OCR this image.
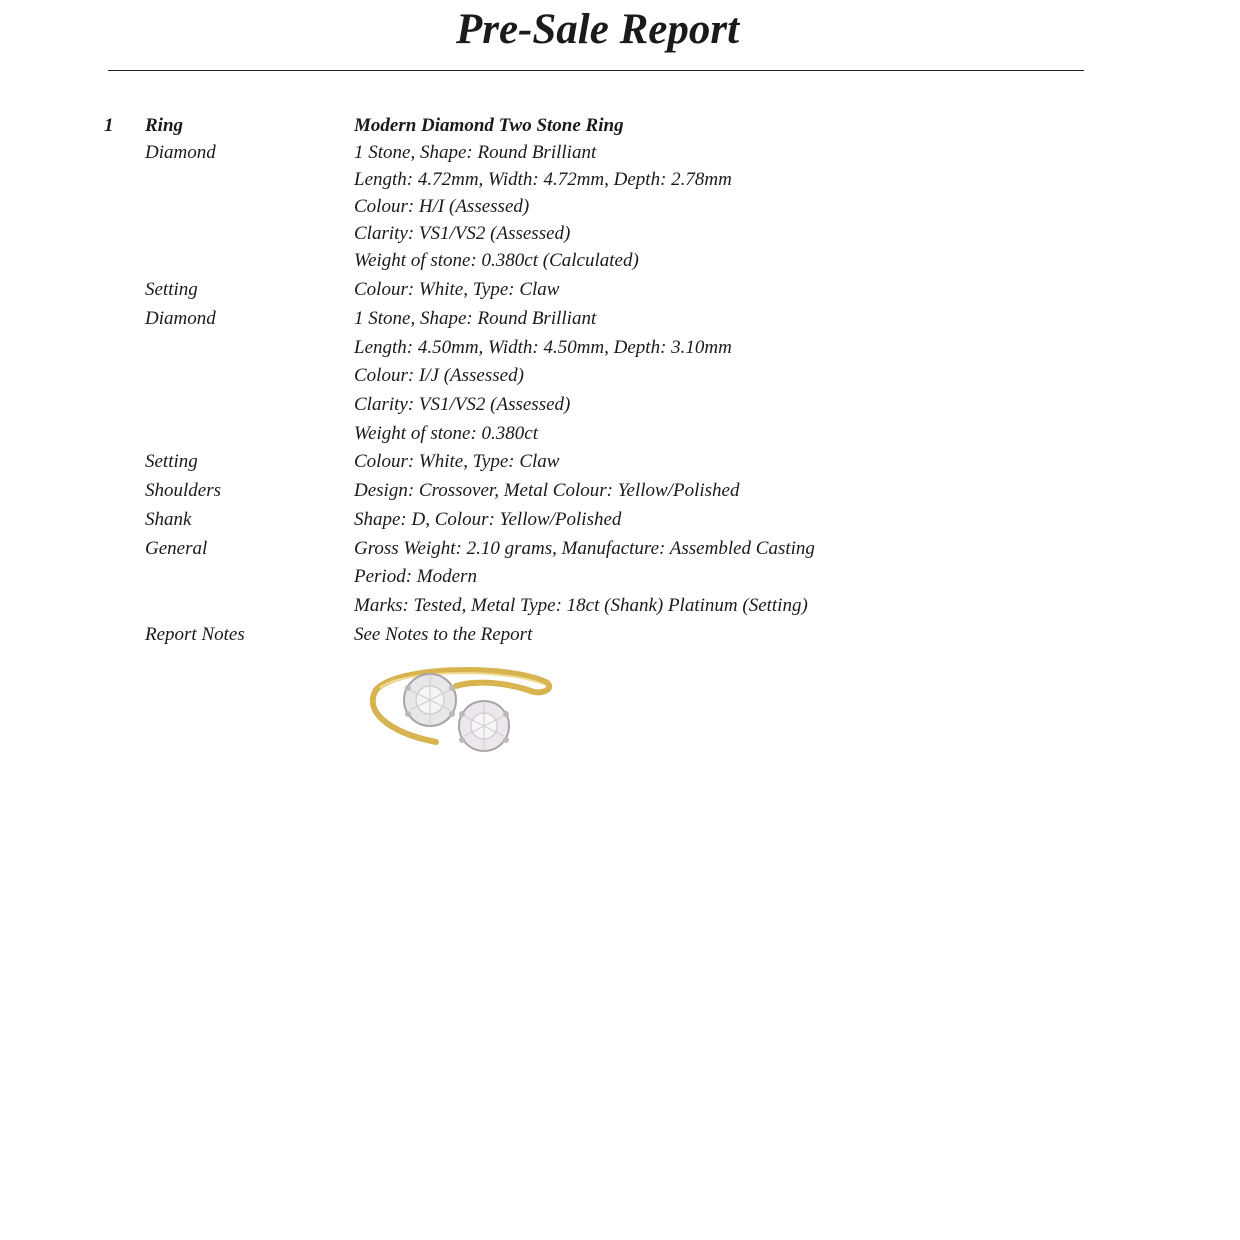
Pre-Sale Report
1 Ring	Modern Diamond Two Stone Ring
Diamond	1 Stone, Shape: Round Brilliant
Length: 4.72mm, Width: 4.72mm, Depth: 2.78mm
Colour: H/I (Assessed)
Clarity: VS1/VS2 (Assessed)
Weight of stone: 0.380ct (Calculated)
Setting	Colour: White, Type: Claw
Diamond	1 Stone, Shape: Round Brilliant
Length: 4.50mm, Width: 4.50mm, Depth: 3.10mm
Colour: I/J (Assessed)
Clarity: VS1/VS2 (Assessed)
Weight of stone: 0.380ct
Setting	Colour: White, Type: Claw
Shoulders	Design: Crossover, Metal Colour: Yellow/Polished
Shank	Shape: D, Colour: Yellow/Polished
General	Gross Weight: 2.10 grams, Manufacture: Assembled Casting
Period: Modern
Marks: Tested, Metal Type: 18ct (Shank) Platinum (Setting)
Report Notes	See Notes to the Report
